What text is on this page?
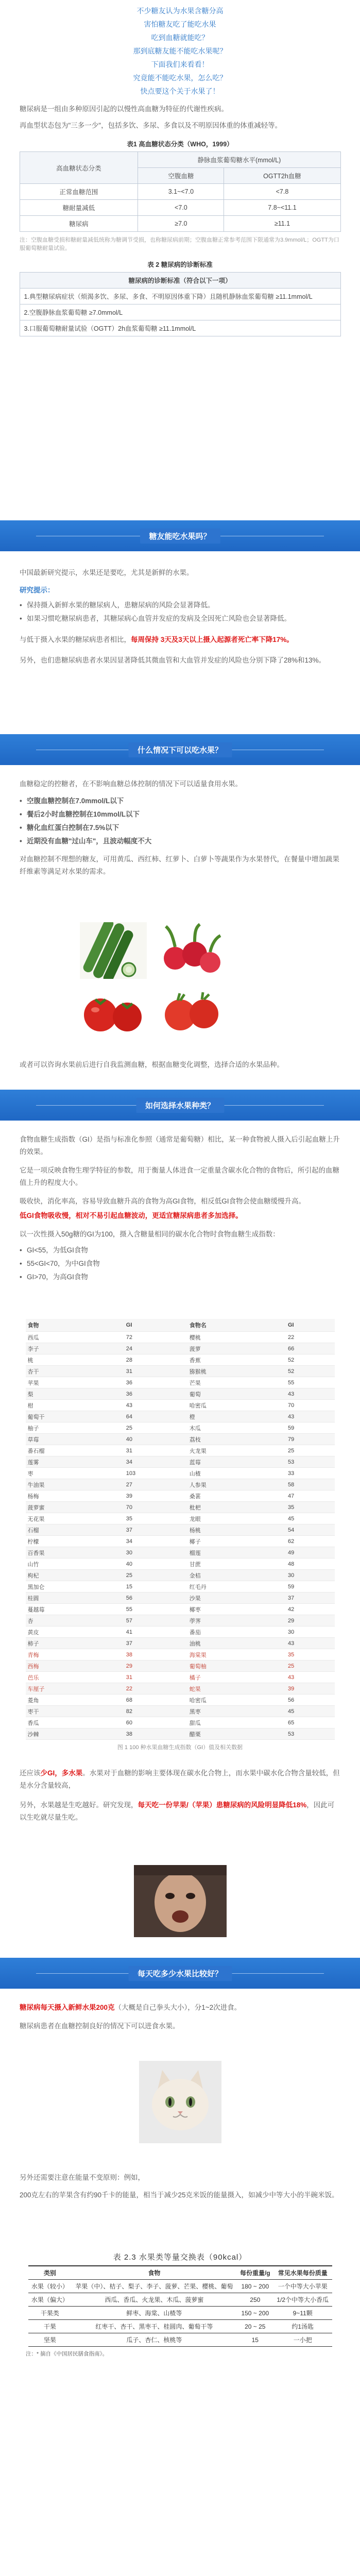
不少糖友认为水果含糖分高
害怕糖友吃了能吃水果
吃到血糖就能吃？
那到底糖友能不能吃水果呢？
下面我们来看看！
究竟能不能吃水果，怎么吃？
快点要这个关于水果了！

糖尿病是一组由多种原因引起的以慢性高血糖为特征的代谢性疾病。

再血型状态包为"三多一少"，包括多饮、多尿、多食以及不明原因体重的体重减轻等。

表1 高血糖状态分类（WHO，1999）
高血糖状态分类	静脉血浆葡萄糖水平(mmol/L)	
	空腹血糖	OGTT2h血糖
正常血糖范围	3.1~<7.0	<7.8
糖耐量减低	<7.0	7.8~<11.1
糖尿病	≥7.0	≥11.1

注：空腹血糖受损和糖耐量减低统称为糖调节受损，也称糖尿病前期；空腹血糖正常参考范围下限通常为3.9mmol/L；OGTT为口服葡萄糖耐量试验。

表 2 糖尿病的诊断标准
糖尿病的诊断标准（符合以下一项）
1.典型糖尿病症状（烦渴多饮、多尿、多食、不明原因体重下降）且随机静脉血浆葡萄糖 ≥11.1mmol/L
2.空腹静脉血浆葡萄糖 ≥7.0mmol/L
3.口服葡萄糖耐量试验（OGTT）2h血浆葡萄糖 ≥11.1mmol/L
糖友能吃水果吗？

中国最新研究提示，水果还是要吃，尤其是新鲜的水果。

研究提示：

• 保持摄入新鲜水果的糖尿病人，患糖尿病的风险会显著降低。
• 如果习惯吃糖尿病患者，其糖尿病心血管并发症的发病及全因死亡风险也会显著降低。

与低于摄入水果的糖尿病患者相比，每周保持 3天及3天以上摄入起源者死亡率下降17%。

另外，也们患糖尿病患者水果因显著降低其微血管和大血管并发症的风险也分别下降了28%和13%。

什么情况下可以吃水果？

血糖稳定的控糖者，在不影响血糖总体控制的情况下可以适量食用水果。

• 空腹血糖控制在7.0mmol/L以下
• 餐后2小时血糖控制在10mmol/L以下
• 糖化血红蛋白控制在7.5%以下
• 近期没有血糖"过山车"，且波动幅度不大

对血糖控制不理想的糖友，可用黄瓜、西红柿、红萝卜、白萝卜等蔬果作为水果替代，在餐量中增加蔬果纤维素等满足对水果的需求。

或者可以咨询水果前后进行自我监测血糖，根据血糖变化调整，选择合适的水果品种。

如何选择水果种类？

食物血糖生成指数（GI）是指与标准化参照（通常是葡萄糖）相比，某一种食物被人摄入后引起血糖上升的效果。

它是一项反映食物生理学特征的参数，用于衡量人体进食一定重量含碳水化合物的食物后，所引起的血糖值上升的程度大小。

吸收快，消化率高，容易导致血糖升高的食物为高GI食物，相反低GI食物会使血糖缓慢升高。

低GI食物吸收慢，相对不易引起血糖波动，更适宜糖尿病患者多加选择。

以一次性摄入50g糖的GI为100，摄入含糖量相同的碳水化合物时食物血糖生成指数：

• GI<55，为低GI食物
• 55<GI<70，为中GI食物
• GI>70，为高GI食物
食物	GI	食物名	GI
西瓜	72	樱桃	22
李子	24	菠萝	66
桃	28	香蕉	52
杏干	31	猕猴桃	52
苹果	36	芒果	55
梨	36	葡萄	43
柑	43	哈密瓜	70
葡萄干	64	橙	43
柚子	25	木瓜	59
草莓	40	荔枝	79
番石榴	31	火龙果	25
莲雾	34	蓝莓	53
枣	103	山楂	33
牛油果	27	人参果	58
杨梅	39	桑葚	47
菠萝蜜	70	枇杷	35
无花果	35	龙眼	45
石榴	37	杨桃	54
柠檬	34	椰子	62
百香果	30	榴莲	49
山竹	40	甘蔗	48
枸杞	25	金桔	30
黑加仑	15	红毛丹	59
桂圆	56	沙果	37
蔓越莓	55	椰枣	42
杏	57	荸荠	29
黄皮	41	番茄	30
柿子	37	油桃	43
青梅	38	海棠果	35
西梅	29	葡萄柚	25
芭乐	31	橘子	43
车厘子	22	蛇果	39
菱角	68	哈密瓜	56
枣干	82	黑枣	45
香瓜	60	甜瓜	65
沙棘	38	醋栗	53
图 1 100 种水果血糖生成指数（GI）值及相关数据

还应该少GI，多水果。水果对于血糖的影响主要体现在碳水化合物上，而水果中碳水化合物含量较低，但是水分含量较高，

另外，水果越是生吃越好。研究发现，每天吃一份苹果/（苹果）患糖尿病的风险明显降低18%，因此可以生吃就尽量生吃。

每天吃多少水果比较好？

糖尿病每天摄入新鲜水果200克（大概是自己拳头大小），分1~2次进食。

糖尿病患者在血糖控制良好的情况下可以进食水果。

另外还需要注意在能量不变原则：例如，

200克左右的苹果含有约90千卡的能量，相当于减少25克米饭的能量摄入，如减少中等大小的半碗米饭。

表 2.3 水果类等量交换表（90kcal）
类别	食物	每份重量/g	常见水果每份质量
水果（较小）	苹果（中）、桔子、梨子、李子、菠萝、芒果、樱桃、葡萄	180 ~ 200	一个中等大小苹果
水果（偏大）	西瓜、香瓜、火龙果、木瓜、菠萝蜜	250	1/2个中等大小香瓜
干果类	鲜枣、海棠、山楂等	150 ~ 200	9~11颗
干果	红枣干、杏干、黑枣干、桂圆肉、葡萄干等	20 ~ 25	约1汤匙
坚果	瓜子、杏仁、核桃等	15	一小把
注：* 摘自《中国居民膳食指南》。
